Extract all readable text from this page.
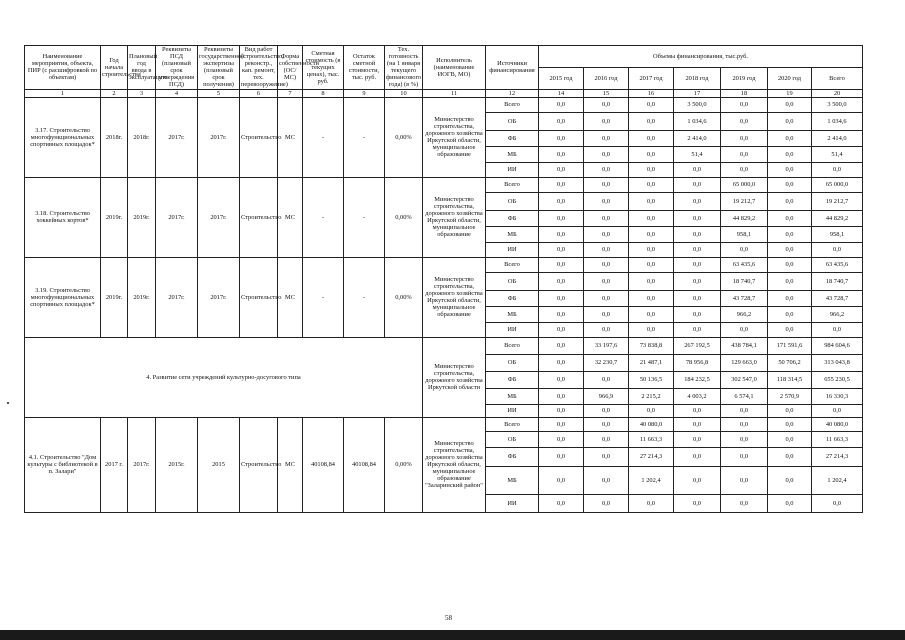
Наименование мероприятия, объекта, ПИР (с расшифровкой по объектам)	Год начала строительства	Плановый год ввода в эксплуатацию	Реквизиты ПСД (плановый срок утверждения ПСД)	Реквизиты государственной экспертизы (плановый срок получения)	Вид работ (строительство, реконстр., кап. ремонт, тех. перевооружение)	Форма собственности (ОС/МС)	Сметная стоимость (в текущих ценах), тыс. руб.	Остаток сметной стоимости, тыс. руб.	Тех. готовность (на 1 января текущего финансового года) (в %)	Исполнитель (наименование ИОГВ, МО)	Источники финансирования	Объемы финансирования, тыс.руб.						
												2015 год	2016 год	2017 год	2018 год	2019 год	2020 год	Всего
1	2	3	4	5	6	7	8	9	10	11	12	14	15	16	17	18	19	20
3.17. Строительство многофункциональных спортивных площадок*	2018г.	2018г.	2017г.	2017г.	Строительство	МС	-	-	0,00%	Министерство строительства, дорожного хозяйства Иркутской области, муниципальное образование	Всего	0,0	0,0	0,0	3 500,0	0,0	0,0	3 500,0
											ОБ	0,0	0,0	0,0	1 034,6	0,0	0,0	1 034,6
											ФБ	0,0	0,0	0,0	2 414,0	0,0	0,0	2 414,0
											МБ	0,0	0,0	0,0	51,4	0,0	0,0	51,4
											ИИ	0,0	0,0	0,0	0,0	0,0	0,0	0,0
3.18. Строительство хоккейных кортов*	2019г.	2019г.	2017г.	2017г.	Строительство	МС	-	-	0,00%	Министерство строительства, дорожного хозяйства Иркутской области, муниципальное образование	Всего	0,0	0,0	0,0	0,0	65 000,0	0,0	65 000,0
											ОБ	0,0	0,0	0,0	0,0	19 212,7	0,0	19 212,7
											ФБ	0,0	0,0	0,0	0,0	44 829,2	0,0	44 829,2
											МБ	0,0	0,0	0,0	0,0	958,1	0,0	958,1
											ИИ	0,0	0,0	0,0	0,0	0,0	0,0	0,0
3.19. Строительство многофункциональных спортивных площадок*	2019г.	2019г.	2017г.	2017г.	Строительство	МС	-	-	0,00%	Министерство строительства, дорожного хозяйства Иркутской области, муниципальное образование	Всего	0,0	0,0	0,0	0,0	63 435,6	0,0	63 435,6
											ОБ	0,0	0,0	0,0	0,0	18 740,7	0,0	18 740,7
											ФБ	0,0	0,0	0,0	0,0	43 728,7	0,0	43 728,7
											МБ	0,0	0,0	0,0	0,0	966,2	0,0	966,2
											ИИ	0,0	0,0	0,0	0,0	0,0	0,0	0,0
4. Развитие сети учреждений культурно-досугового типа										Министерство строительства, дорожного хозяйства Иркутской области	Всего	0,0	33 197,6	73 838,8	267 192,5	438 784,1	171 591,6	984 604,6
											ОБ	0,0	32 230,7	21 487,1	78 956,8	129 663,0	50 706,2	313 043,8
											ФБ	0,0	0,0	50 136,5	184 232,5	302 547,0	118 314,5	655 230,5
											МБ	0,0	966,9	2 215,2	4 003,2	6 574,1	2 570,9	16 330,3
											ИИ	0,0	0,0	0,0	0,0	0,0	0,0	0,0
4.1. Строительство "Дом культуры с библиотекой в п. Залари"	2017 г.	2017г.	2015г.	2015	Строительство	МС	40108,84	40108,84	0,00%	Министерство строительства, дорожного хозяйства Иркутской области, муниципальное образование "Заларинский район"	Всего	0,0	0,0	40 080,0	0,0	0,0	0,0	40 080,0
											ОБ	0,0	0,0	11 663,3	0,0	0,0	0,0	11 663,3
											ФБ	0,0	0,0	27 214,3	0,0	0,0	0,0	27 214,3
											МБ	0,0	0,0	1 202,4	0,0	0,0	0,0	1 202,4
											ИИ	0,0	0,0	0,0	0,0	0,0	0,0	0,0
58
